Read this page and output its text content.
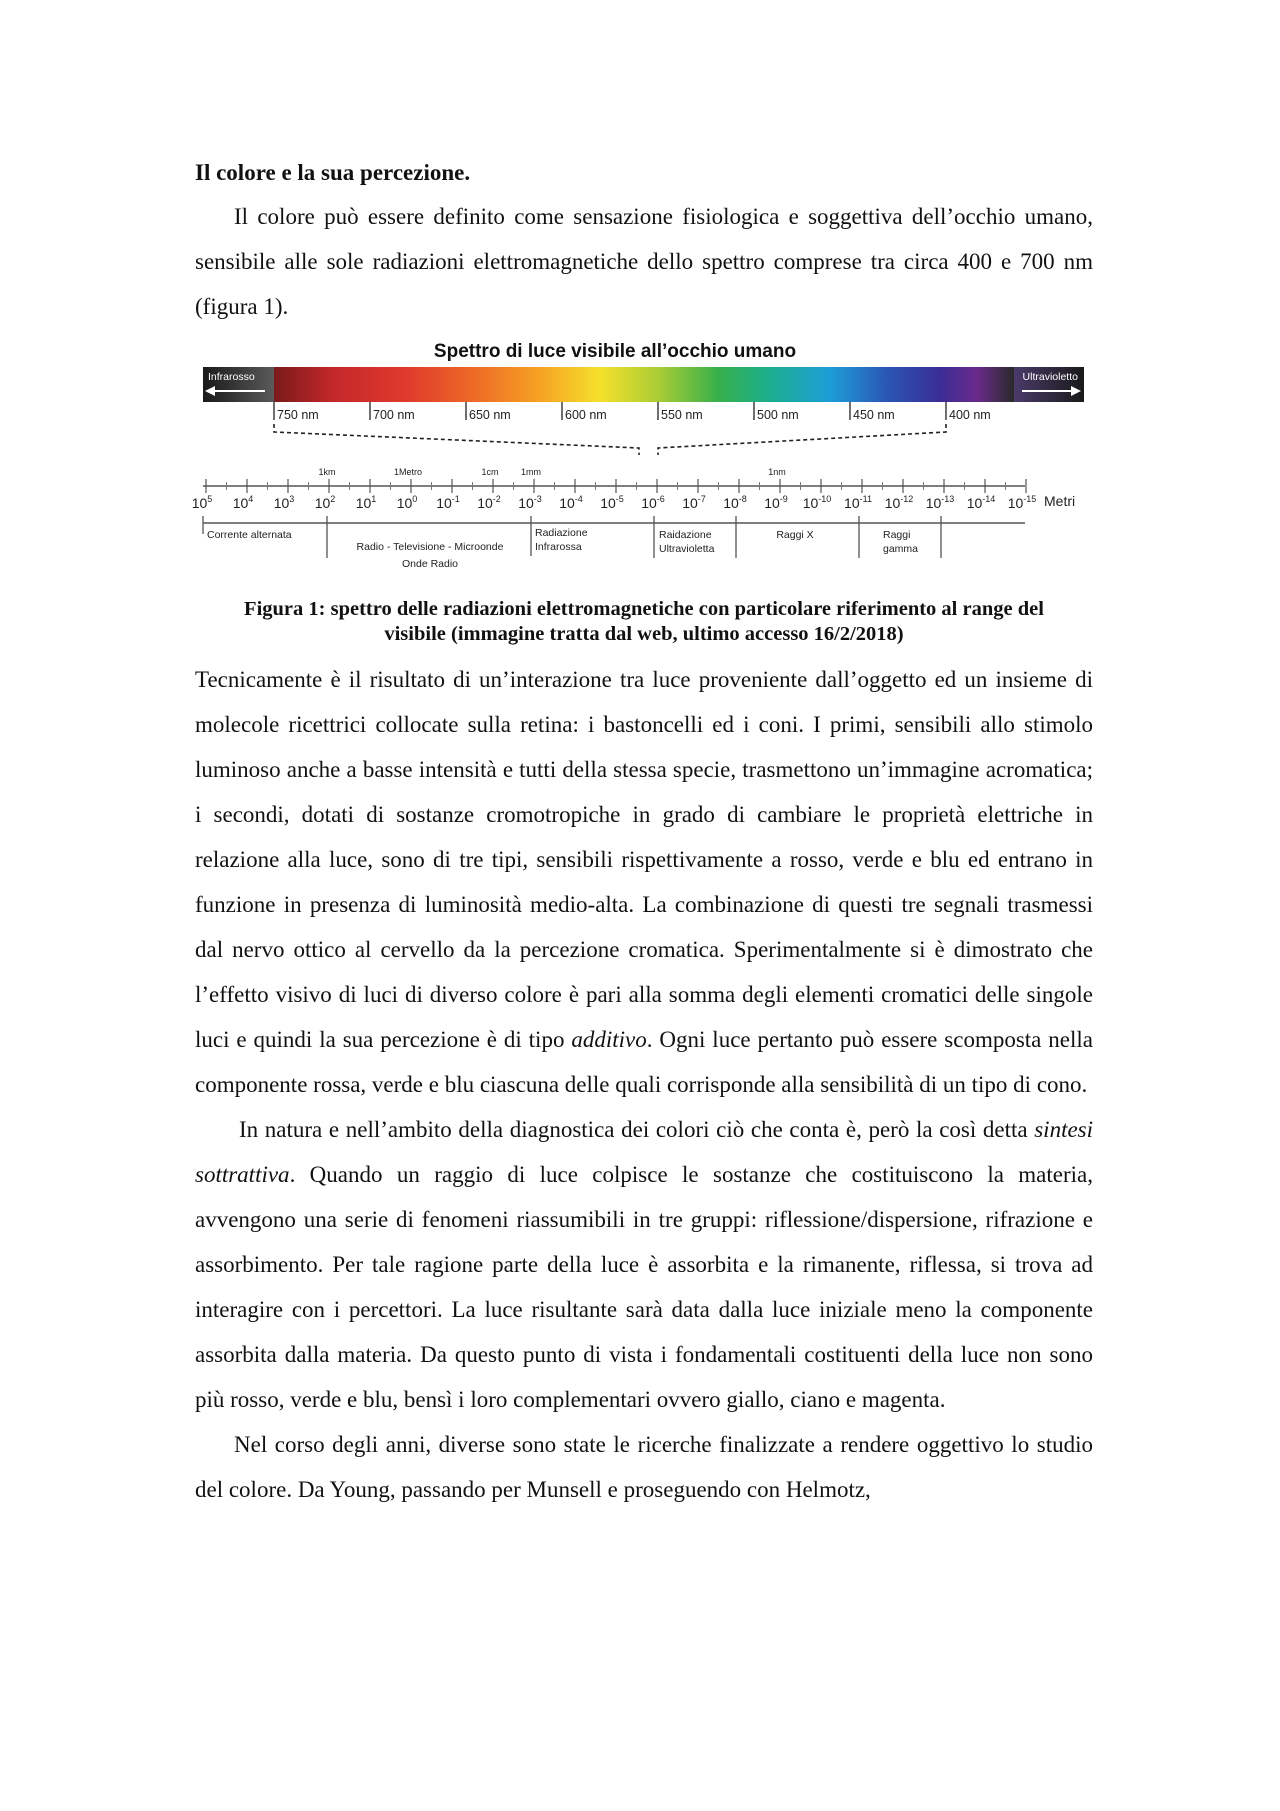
Il colore e la sua percezione.

Il colore può essere definito come sensazione fisiologica e soggettiva dell’occhio umano, sensibile alle sole radiazioni elettromagnetiche dello spettro comprese tra circa 400 e 700 nm (figura 1).

Spettro di luce visibile all’occhio umano
Infrarosso	Ultravioletto
750 nm	700 nm	650 nm	600 nm	550 nm	500 nm	450 nm	400 nm
1km	1Metro	1cm 1mm	1nm
$10^5$ $10^4$ $10^3$ $10^2$ $10^1$ $10^0$ $10^{-1}$ $10^{-2}$ $10^{-3}$ $10^{-4}$ $10^{-5}$ $10^{-6}$ $10^{-7}$ $10^{-8}$ $10^{-9}$ $10^{-10}$ $10^{-11}$ $10^{-12}$ $10^{-13}$ $10^{-14}$ $10^{-15}$ Metri
Corrente alternata
Radio - Televisione - Microonde
Onde Radio
Radiazione
Infrarossa
Raidazione
Ultravioletta
Raggi X	Raggi
gamma
Figura 1: spettro delle radiazioni elettromagnetiche con particolare riferimento al range del
visibile (immagine tratta dal web, ultimo accesso 16/2/2018)

Tecnicamente è il risultato di un’interazione tra luce proveniente dall’oggetto ed un insieme di molecole ricettrici collocate sulla retina: i bastoncelli ed i coni. I primi, sensibili allo stimolo luminoso anche a basse intensità e tutti della stessa specie, trasmettono un’immagine acromatica; i secondi, dotati di sostanze cromotropiche in grado di cambiare le proprietà elettriche in relazione alla luce, sono di tre tipi, sensibili rispettivamente a rosso, verde e blu ed entrano in funzione in presenza di luminosità medio-alta. La combinazione di questi tre segnali trasmessi dal nervo ottico al cervello da la percezione cromatica. Sperimentalmente si è dimostrato che l’effetto visivo di luci di diverso colore è pari alla somma degli elementi cromatici delle singole luci e quindi la sua percezione è di tipo additivo. Ogni luce pertanto può essere scomposta nella componente rossa, verde e blu ciascuna delle quali corrisponde alla sensibilità di un tipo di cono.

In natura e nell’ambito della diagnostica dei colori ciò che conta è, però la così detta sintesi sottrattiva. Quando un raggio di luce colpisce le sostanze che costituiscono la materia, avvengono una serie di fenomeni riassumibili in tre gruppi: riflessione/dispersione, rifrazione e assorbimento. Per tale ragione parte della luce è assorbita e la rimanente, riflessa, si trova ad interagire con i percettori. La luce risultante sarà data dalla luce iniziale meno la componente assorbita dalla materia. Da questo punto di vista i fondamentali costituenti della luce non sono più rosso, verde e blu, bensì i loro complementari ovvero giallo, ciano e magenta.

Nel corso degli anni, diverse sono state le ricerche finalizzate a rendere oggettivo lo studio del colore. Da Young, passando per Munsell e proseguendo con Helmotz,
